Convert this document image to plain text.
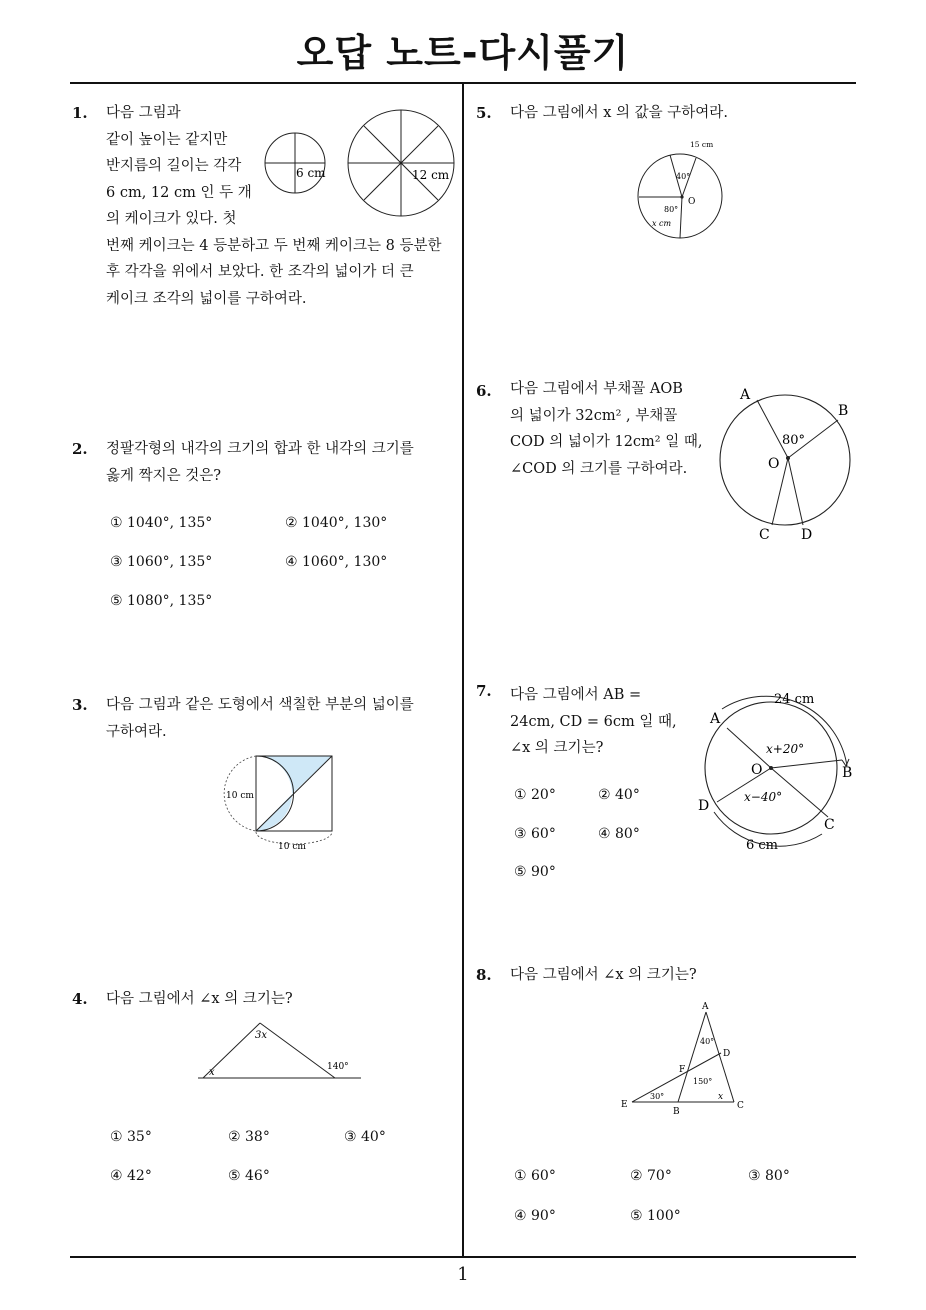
오답 노트-다시풀기
1
1. 다음 그림과
같이 높이는 같지만
반지름의 길이는 각각
6 cm, 12 cm 인 두 개
의 케이크가 있다. 첫
번째 케이크는 4 등분하고 두 번째 케이크는 8 등분한
후 각각을 위에서 보았다. 한 조각의 넓이가 더 큰
케이크 조각의 넓이를 구하여라.
6 cm	12 cm
2. 정팔각형의 내각의 크기의 합과 한 내각의 크기를
옳게 짝지은 것은?
① 1040°, 135°	② 1040°, 130°
③ 1060°, 135°	④ 1060°, 130°
⑤ 1080°, 135°
3. 다음 그림과 같은 도형에서 색칠한 부분의 넓이를
구하여라.
10 cm
10 cm
4. 다음 그림에서 ∠x 의 크기는?
3x
x	140°
① 35°	② 38°	③ 40°
④ 42°	⑤ 46°
5. 다음 그림에서 x 의 값을 구하여라.
15 cm
40°
80°
O
x cm
6. 다음 그림에서 부채꼴 AOB
의 넓이가 32cm² , 부채꼴
COD 의 넓이가 12cm² 일 때,
∠COD 의 크기를 구하여라.
A
B
C D
O
80°
7. 다음 그림에서 AB =
24cm, CD = 6cm 일 때,
∠x 의 크기는?
24 cm
6 cm
A
B
C
D
O
x+20°
x−40°
① 20°	② 40°
③ 60°	④ 80°
⑤ 90°
8. 다음 그림에서 ∠x 의 크기는?
A
B
C
D
E
F
40°
150°
30°	x
① 60°	② 70°	③ 80°
④ 90°	⑤ 100°
